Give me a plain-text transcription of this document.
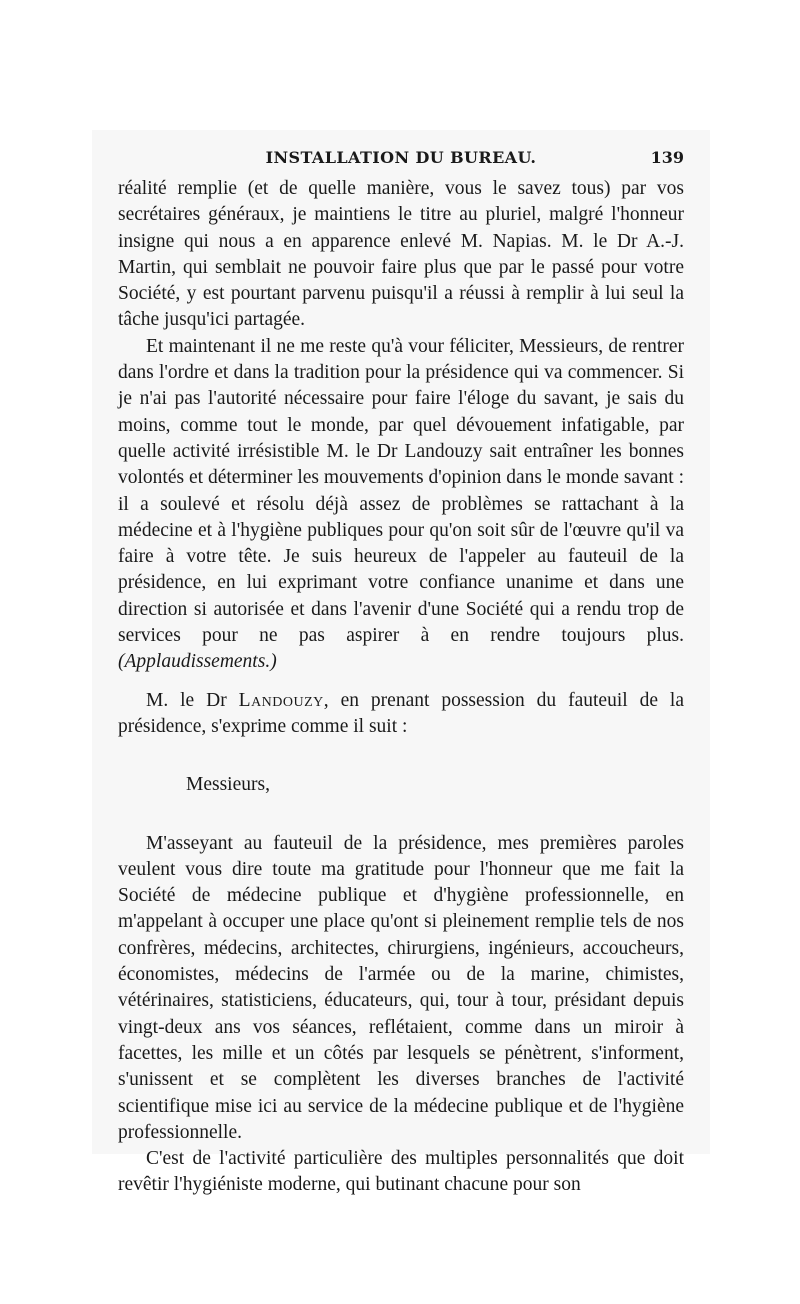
INSTALLATION DU BUREAU.	139

réalité remplie (et de quelle manière, vous le savez tous) par vos secrétaires généraux, je maintiens le titre au pluriel, malgré l'honneur insigne qui nous a en apparence enlevé M. Napias. M. le Dr A.-J. Martin, qui semblait ne pouvoir faire plus que par le passé pour votre Société, y est pourtant parvenu puisqu'il a réussi à remplir à lui seul la tâche jusqu'ici partagée.

Et maintenant il ne me reste qu'à vour féliciter, Messieurs, de rentrer dans l'ordre et dans la tradition pour la présidence qui va commencer. Si je n'ai pas l'autorité nécessaire pour faire l'éloge du savant, je sais du moins, comme tout le monde, par quel dévouement infatigable, par quelle activité irrésistible M. le Dr Landouzy sait entraîner les bonnes volontés et déterminer les mouvements d'opinion dans le monde savant : il a soulevé et résolu déjà assez de problèmes se rattachant à la médecine et à l'hygiène publiques pour qu'on soit sûr de l'œuvre qu'il va faire à votre tête. Je suis heureux de l'appeler au fauteuil de la présidence, en lui exprimant votre confiance unanime et dans une direction si autorisée et dans l'avenir d'une Société qui a rendu trop de services pour ne pas aspirer à en rendre toujours plus. (Applaudissements.)

M. le Dr Landouzy, en prenant possession du fauteuil de la présidence, s'exprime comme il suit :

Messieurs,

M'asseyant au fauteuil de la présidence, mes premières paroles veulent vous dire toute ma gratitude pour l'honneur que me fait la Société de médecine publique et d'hygiène professionnelle, en m'appelant à occuper une place qu'ont si pleinement remplie tels de nos confrères, médecins, architectes, chirurgiens, ingénieurs, accoucheurs, économistes, médecins de l'armée ou de la marine, chimistes, vétérinaires, statisticiens, éducateurs, qui, tour à tour, présidant depuis vingt-deux ans vos séances, reflétaient, comme dans un miroir à facettes, les mille et un côtés par lesquels se pénètrent, s'informent, s'unissent et se complètent les diverses branches de l'activité scientifique mise ici au service de la médecine publique et de l'hygiène professionnelle.

C'est de l'activité particulière des multiples personnalités que doit revêtir l'hygiéniste moderne, qui butinant chacune pour son
